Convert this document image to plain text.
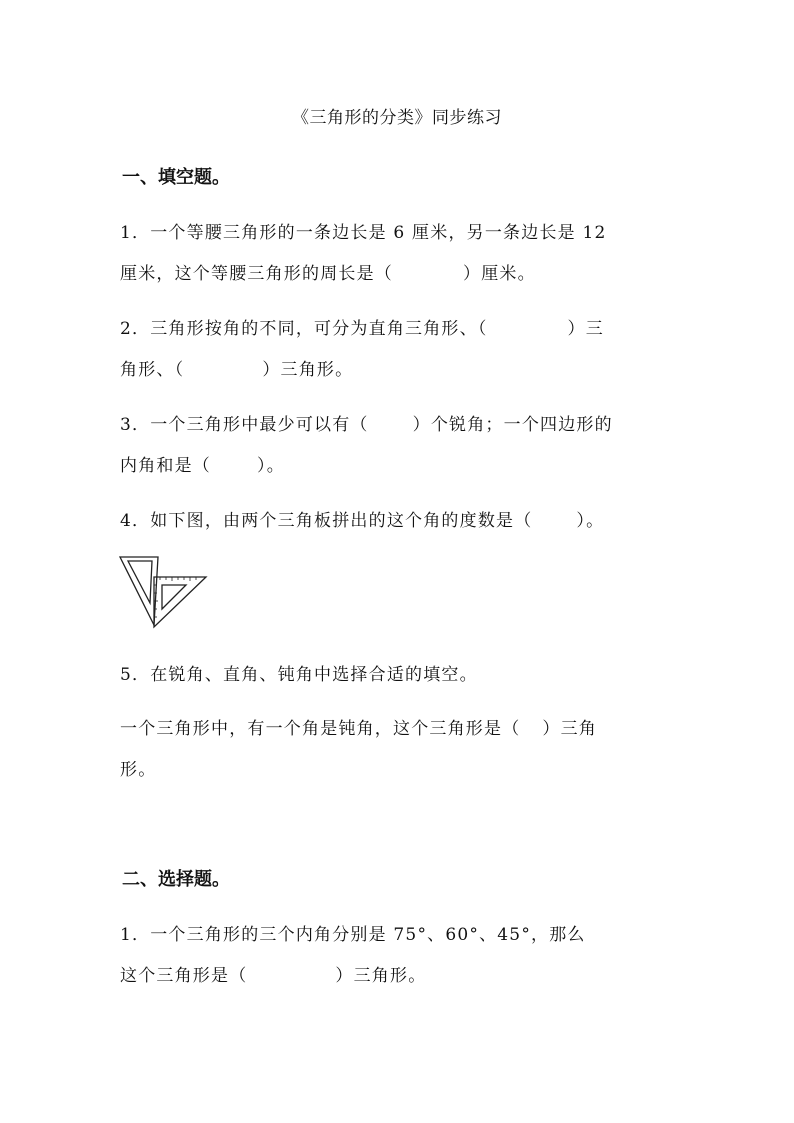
《三角形的分类》同步练习
一、填空题。
1．一个等腰三角形的一条边长是 6 厘米，另一条边长是 12
厘米，这个等腰三角形的周长是（	）厘米。
2．三角形按角的不同，可分为直角三角形、（	）三
角形、（	）三角形。
3．一个三角形中最少可以有（	）个锐角；一个四边形的
内角和是（	）。
4．如下图，由两个三角板拼出的这个角的度数是（	）。
5．在锐角、直角、钝角中选择合适的填空。
一个三角形中，有一个角是钝角，这个三角形是（ ）三角
形。
二、选择题。
1．一个三角形的三个内角分别是 75°、60°、45°，那么
这个三角形是（	）三角形。
